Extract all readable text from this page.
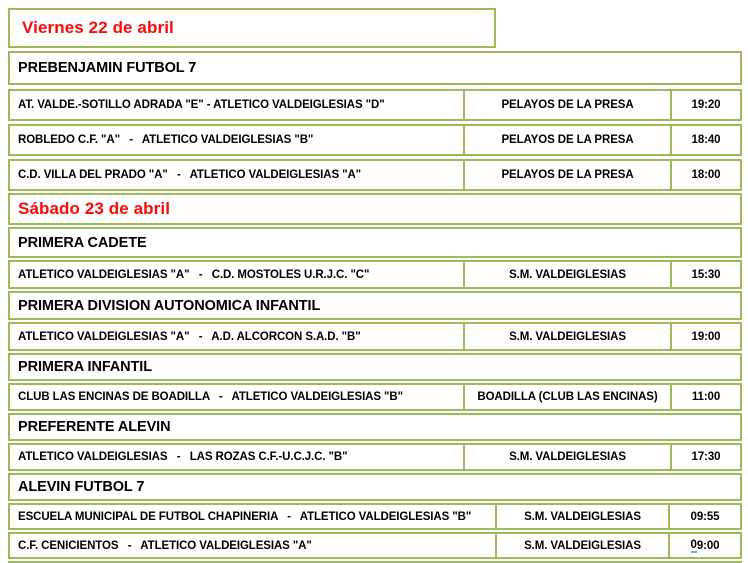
Viernes 22 de abril
PREBENJAMIN FUTBOL 7
AT. VALDE.-SOTILLO ADRADA "E" - ATLETICO VALDEIGLESIAS "D"	PELAYOS DE LA PRESA	19:20
ROBLEDO C.F. "A"   -   ATLETICO VALDEIGLESIAS "B"	PELAYOS DE LA PRESA	18:40
C.D. VILLA DEL PRADO "A"   -   ATLETICO VALDEIGLESIAS "A"	PELAYOS DE LA PRESA	18:00
Sábado 23 de abril
PRIMERA CADETE
ATLETICO VALDEIGLESIAS "A"   -   C.D. MOSTOLES U.R.J.C. "C"	S.M. VALDEIGLESIAS	15:30
PRIMERA DIVISION AUTONOMICA INFANTIL
ATLETICO VALDEIGLESIAS "A"   -   A.D. ALCORCON S.A.D. "B"	S.M. VALDEIGLESIAS	19:00
PRIMERA INFANTIL
CLUB LAS ENCINAS DE BOADILLA   -   ATLETICO VALDEIGLESIAS "B"	BOADILLA (CLUB LAS ENCINAS)	11:00
PREFERENTE ALEVIN
ATLETICO VALDEIGLESIAS   -   LAS ROZAS C.F.-U.C.J.C. "B"	S.M. VALDEIGLESIAS	17:30
ALEVIN FUTBOL 7
ESCUELA MUNICIPAL DE FUTBOL CHAPINERIA   -   ATLETICO VALDEIGLESIAS "B"	S.M. VALDEIGLESIAS	09:55
C.F. CENICIENTOS   -   ATLETICO VALDEIGLESIAS "A"	S.M. VALDEIGLESIAS	0 9:00
